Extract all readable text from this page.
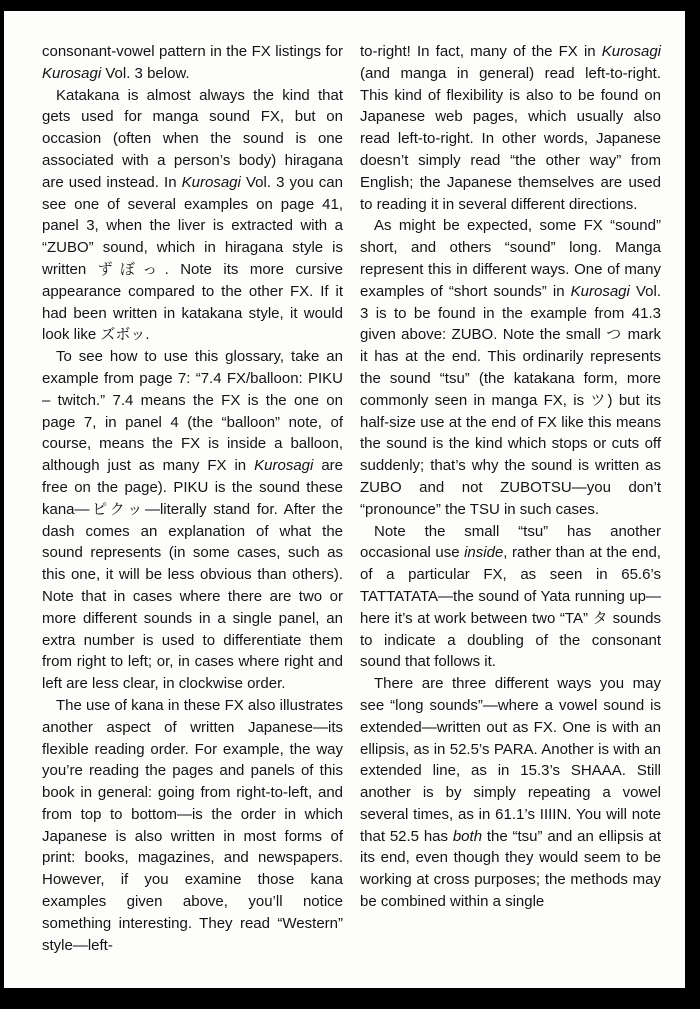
consonant-vowel pattern in the FX listings for Kurosagi Vol. 3 below.

Katakana is almost always the kind that gets used for manga sound FX, but on occasion (often when the sound is one associated with a person’s body) hiragana are used instead. In Kurosagi Vol. 3 you can see one of several examples on page 41, panel 3, when the liver is extracted with a “ZUBO” sound, which in hiragana style is written ずぼっ. Note its more cursive appearance compared to the other FX. If it had been written in katakana style, it would look like ズボッ.

To see how to use this glossary, take an example from page 7: “7.4 FX/balloon: PIKU – twitch.” 7.4 means the FX is the one on page 7, in panel 4 (the “balloon” note, of course, means the FX is inside a balloon, although just as many FX in Kurosagi are free on the page). PIKU is the sound these kana—ピクッ—literally stand for. After the dash comes an explanation of what the sound represents (in some cases, such as this one, it will be less obvious than others). Note that in cases where there are two or more different sounds in a single panel, an extra number is used to differentiate them from right to left; or, in cases where right and left are less clear, in clockwise order.

The use of kana in these FX also illustrates another aspect of written Japanese—its flexible reading order. For example, the way you’re reading the pages and panels of this book in general: going from right-to-left, and from top to bottom—is the order in which Japanese is also written in most forms of print: books, magazines, and newspapers. However, if you examine those kana examples given above, you’ll notice something interesting. They read “Western” style—left-

to-right! In fact, many of the FX in Kurosagi (and manga in general) read left-to-right. This kind of flexibility is also to be found on Japanese web pages, which usually also read left-to-right. In other words, Japanese doesn’t simply read “the other way” from English; the Japanese themselves are used to reading it in several different directions.

As might be expected, some FX “sound” short, and others “sound” long. Manga represent this in different ways. One of many examples of “short sounds” in Kurosagi Vol. 3 is to be found in the example from 41.3 given above: ZUBO. Note the small つ mark it has at the end. This ordinarily represents the sound “tsu” (the katakana form, more commonly seen in manga FX, is ツ) but its half-size use at the end of FX like this means the sound is the kind which stops or cuts off suddenly; that’s why the sound is written as ZUBO and not ZUBOTSU—you don’t “pronounce” the TSU in such cases.

Note the small “tsu” has another occasional use inside, rather than at the end, of a particular FX, as seen in 65.6’s TATTATATA—the sound of Yata running up—here it’s at work between two “TA” タ sounds to indicate a doubling of the consonant sound that follows it.

There are three different ways you may see “long sounds”—where a vowel sound is extended—written out as FX. One is with an ellipsis, as in 52.5’s PARA. Another is with an extended line, as in 15.3’s SHAAA. Still another is by simply repeating a vowel several times, as in 61.1’s IIIIN. You will note that 52.5 has both the “tsu” and an ellipsis at its end, even though they would seem to be working at cross purposes; the methods may be combined within a single
